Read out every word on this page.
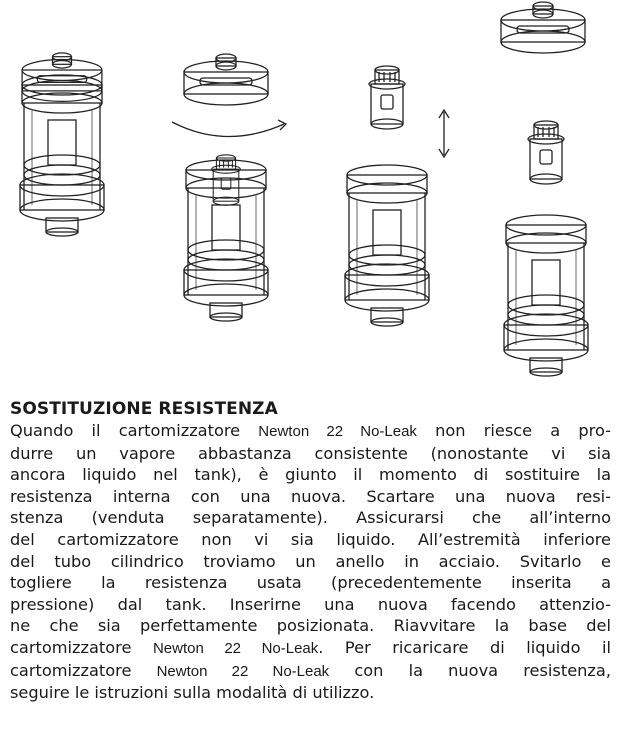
SOSTITUZIONE RESISTENZA

Quando il cartomizzatore Newton 22 No-Leak non riesce a pro-

durre un vapore abbastanza consistente (nonostante vi sia

ancora liquido nel tank), è giunto il momento di sostituire la

resistenza interna con una nuova. Scartare una nuova resi-

stenza (venduta separatamente). Assicurarsi che all’interno

del cartomizzatore non vi sia liquido. All’estremità inferiore

del tubo cilindrico troviamo un anello in acciaio. Svitarlo e

togliere la resistenza usata (precedentemente inserita a

pressione) dal tank. Inserirne una nuova facendo attenzio-

ne che sia perfettamente posizionata. Riavvitare la base del

cartomizzatore Newton 22 No-Leak. Per ricaricare di liquido il

cartomizzatore Newton 22 No-Leak con la nuova resistenza,

seguire le istruzioni sulla modalità di utilizzo.
